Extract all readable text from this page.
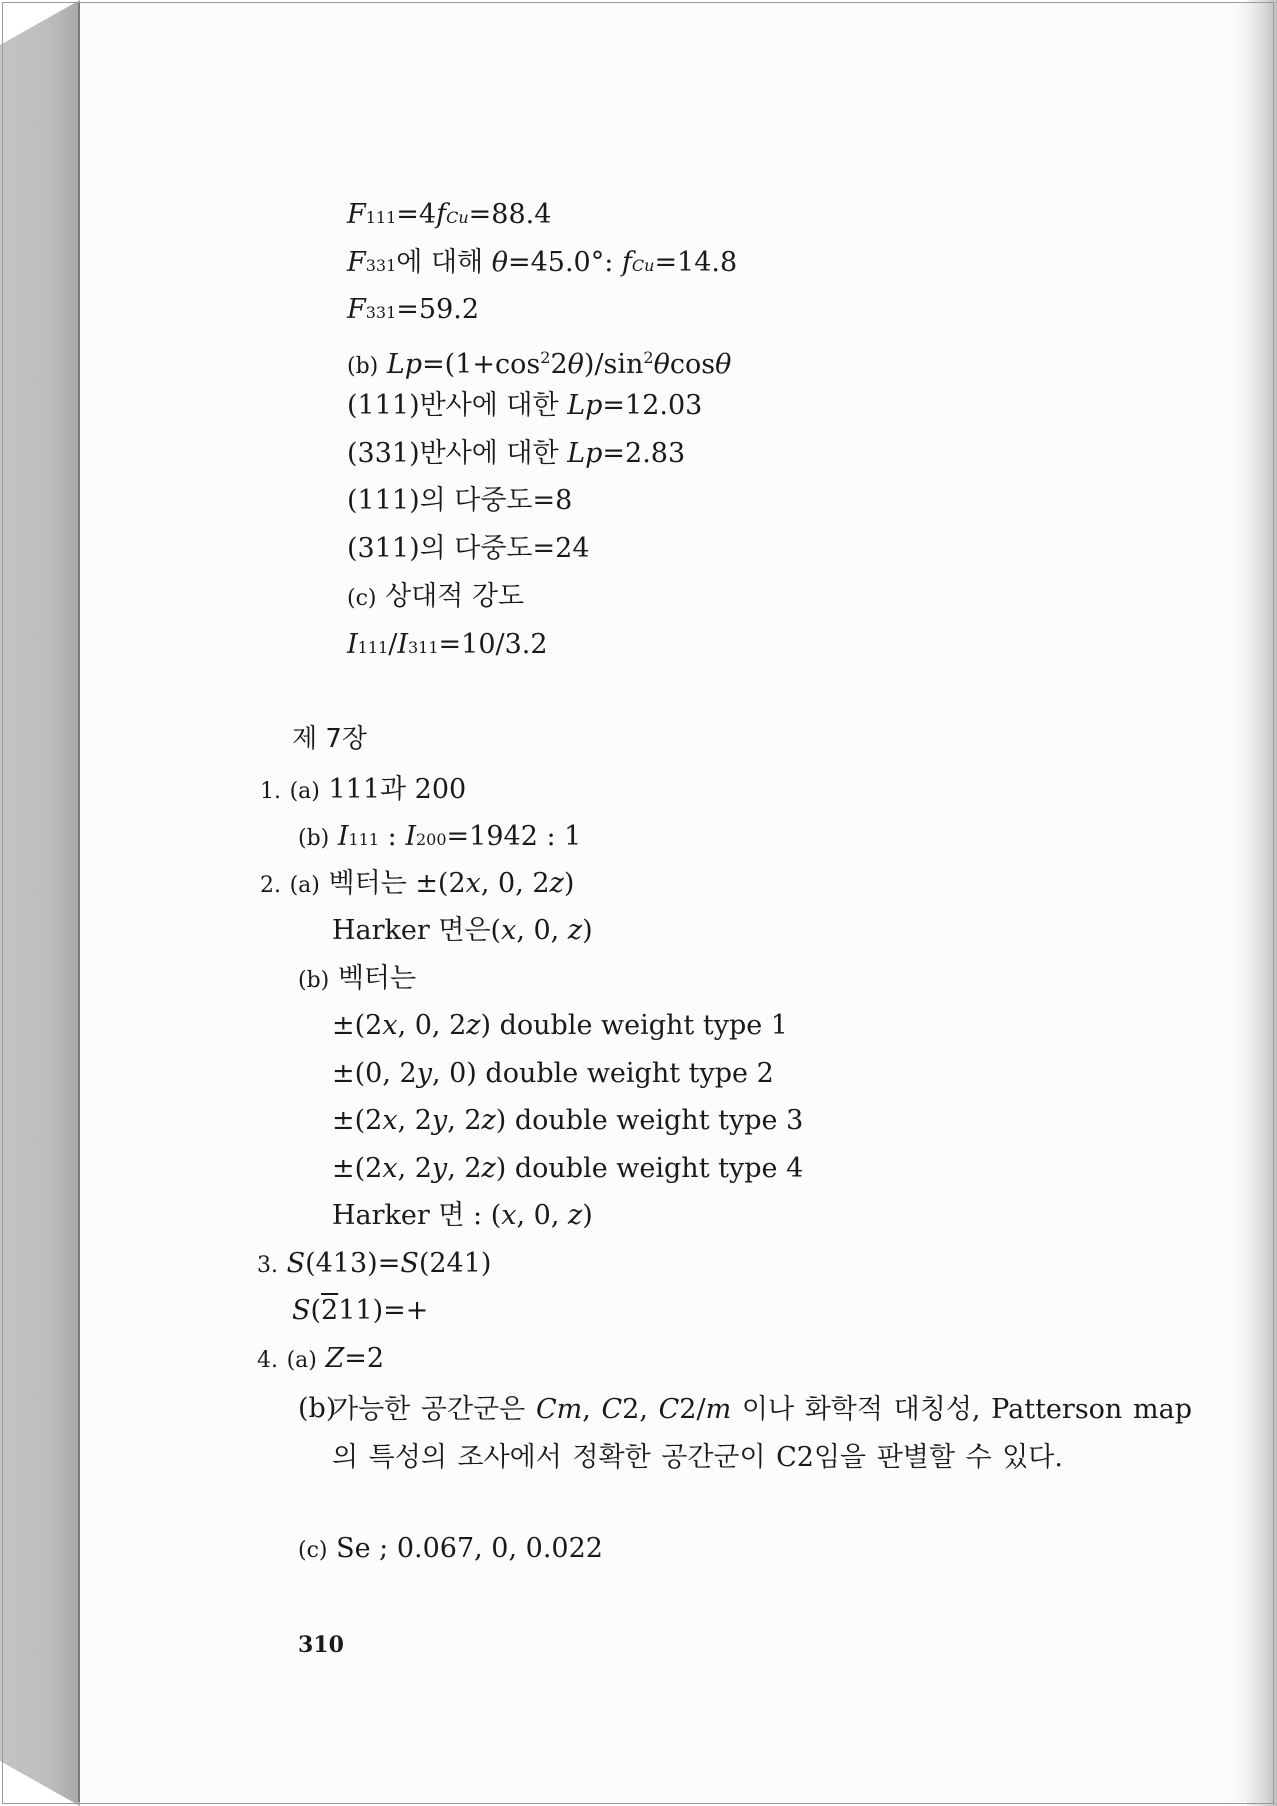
F111=4fCu=88.4
F331에 대해 θ=45.0°: fCu=14.8
F331=59.2
(b) $Lp=(1+\cos^22\theta)/\sin^2\theta\cos\theta$
(111)반사에 대한 Lp=12.03
(331)반사에 대한 Lp=2.83
(111)의 다중도=8
(311)의 다중도=24
(c) 상대적 강도
I111/I311=10/3.2
제 7장
1. (a) 111과 200
(b) I111 : I200=1942 : 1
2. (a) 벡터는 ±(2x, 0, 2z)
Harker 면은(x, 0, z)
(b) 벡터는
±(2x, 0, 2z) double weight type 1
±(0, 2y, 0) double weight type 2
±(2x, 2y, 2z) double weight type 3
±(2x, 2y, 2z) double weight type 4
Harker 면 : (x, 0, z)
3. S(413)=S(241)
S(211)=+
4. (a) Z=2
(b)
가능한 공간군은 Cm, C2, C2/m 이나 화학적 대칭성, Patterson map의 특성의 조사에서 정확한 공간군이 C2임을 판별할 수 있다.
(c) Se ; 0.067, 0, 0.022
310
